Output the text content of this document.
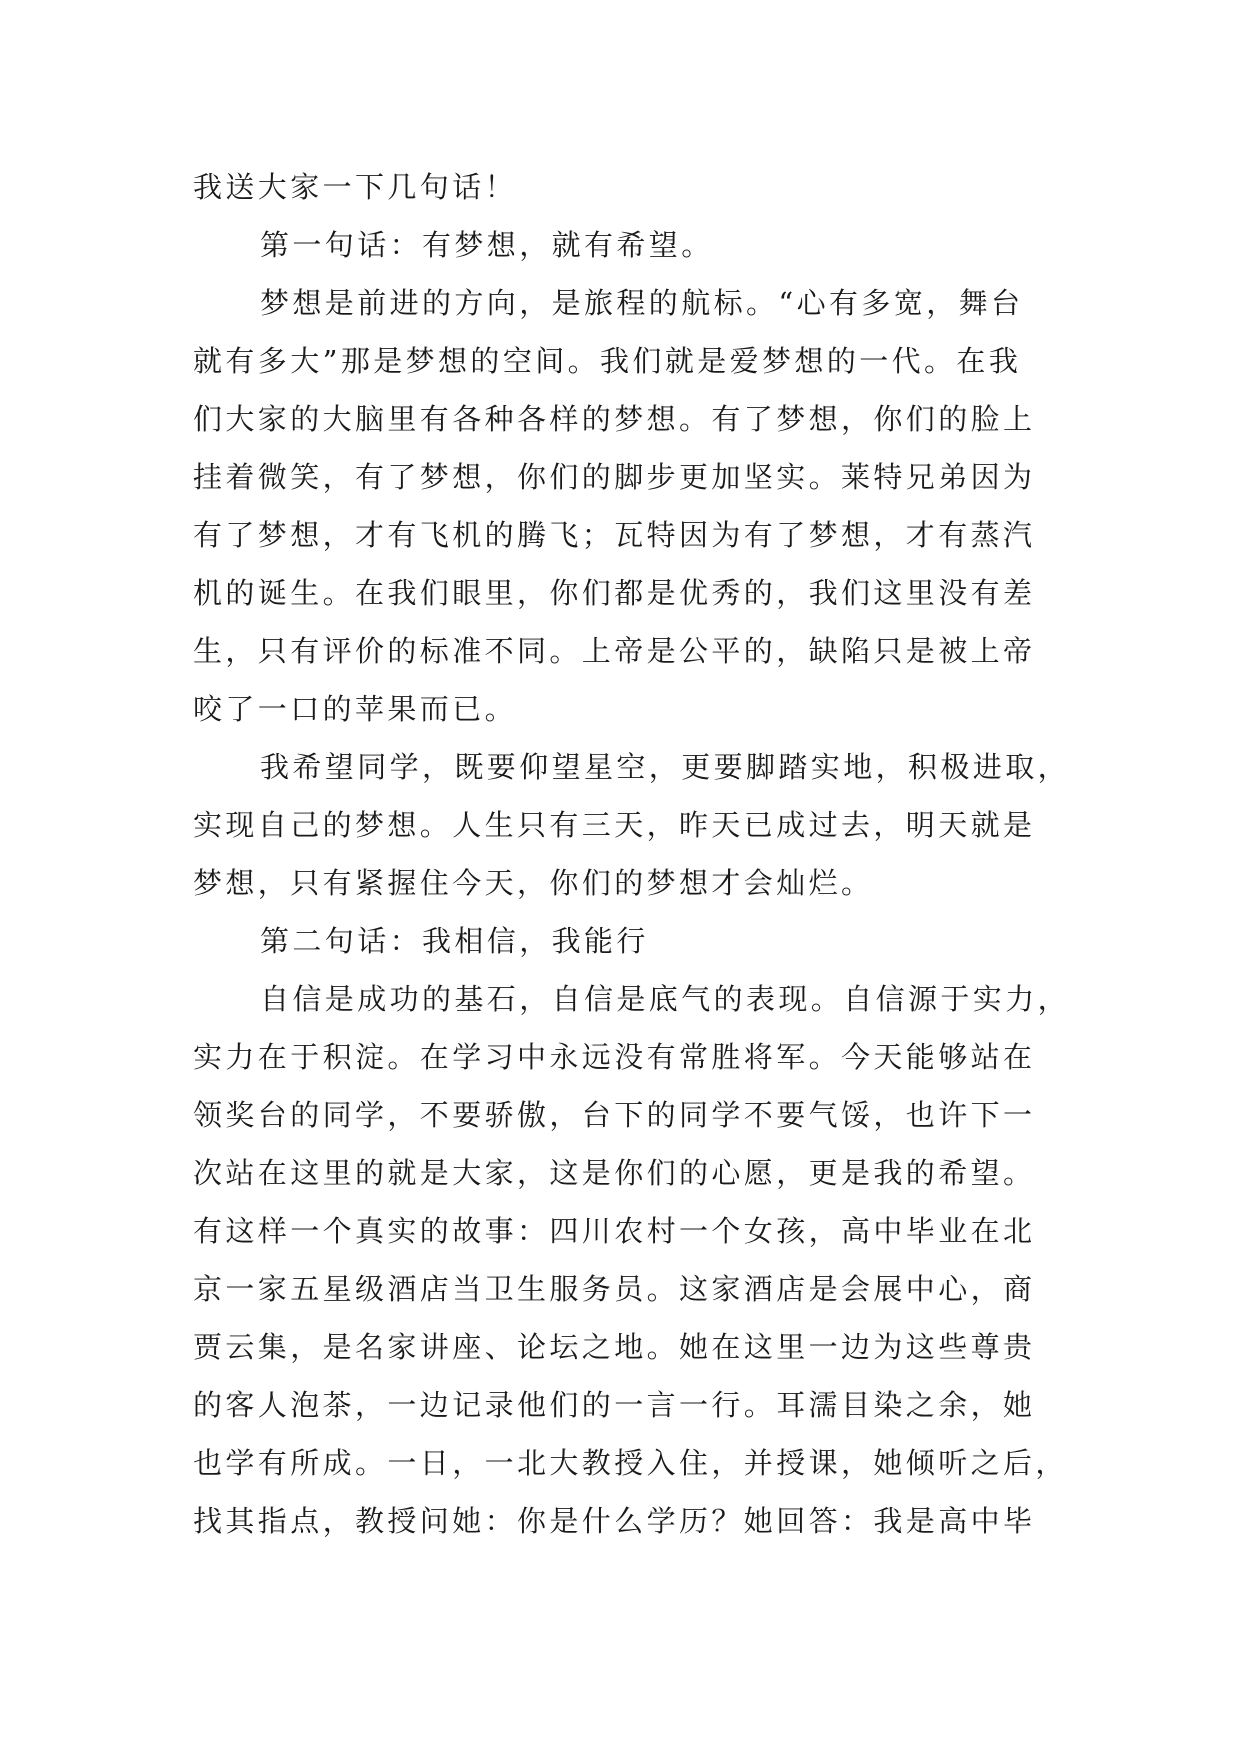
我送大家一下几句话！
第一句话：有梦想，就有希望。
梦想是前进的方向，是旅程的航标。“心有多宽，舞台
就有多大”那是梦想的空间。我们就是爱梦想的一代。在我
们大家的大脑里有各种各样的梦想。有了梦想，你们的脸上
挂着微笑，有了梦想，你们的脚步更加坚实。莱特兄弟因为
有了梦想，才有飞机的腾飞；瓦特因为有了梦想，才有蒸汽
机的诞生。在我们眼里，你们都是优秀的，我们这里没有差
生，只有评价的标准不同。上帝是公平的，缺陷只是被上帝
咬了一口的苹果而已。
我希望同学，既要仰望星空，更要脚踏实地，积极进取，
实现自己的梦想。人生只有三天，昨天已成过去，明天就是
梦想，只有紧握住今天，你们的梦想才会灿烂。
第二句话：我相信，我能行
自信是成功的基石，自信是底气的表现。自信源于实力，
实力在于积淀。在学习中永远没有常胜将军。今天能够站在
领奖台的同学，不要骄傲，台下的同学不要气馁，也许下一
次站在这里的就是大家，这是你们的心愿，更是我的希望。
有这样一个真实的故事：四川农村一个女孩，高中毕业在北
京一家五星级酒店当卫生服务员。这家酒店是会展中心，商
贾云集，是名家讲座、论坛之地。她在这里一边为这些尊贵
的客人泡茶，一边记录他们的一言一行。耳濡目染之余，她
也学有所成。一日，一北大教授入住，并授课，她倾听之后，
找其指点，教授问她：你是什么学历？她回答：我是高中毕
